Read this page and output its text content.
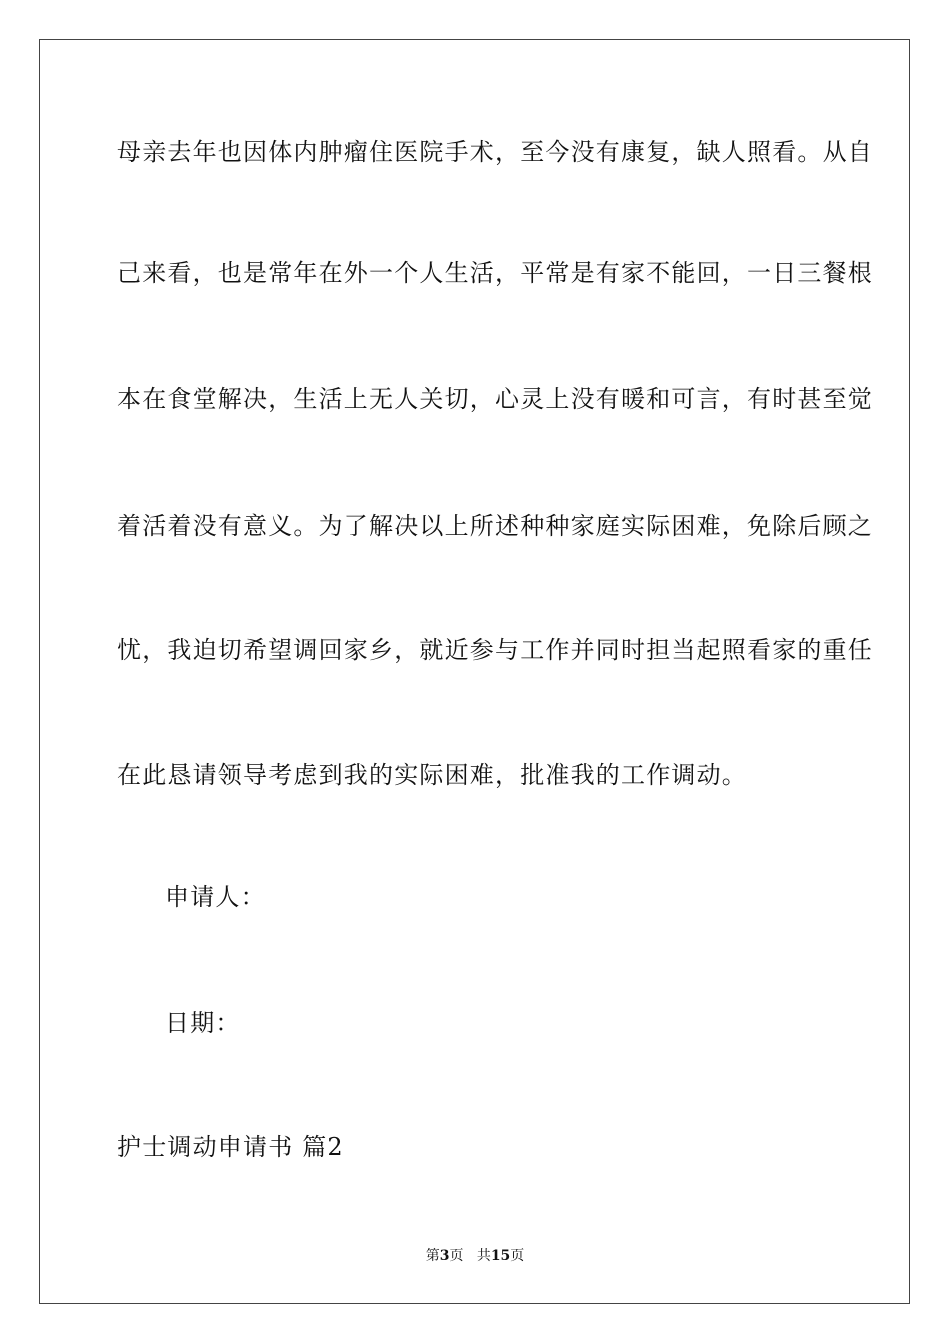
母亲去年也因体内肿瘤住医院手术，至今没有康复，缺人照看。从自
己来看，也是常年在外一个人生活，平常是有家不能回，一日三餐根
本在食堂解决，生活上无人关切，心灵上没有暖和可言，有时甚至觉
着活着没有意义。为了解决以上所述种种家庭实际困难，免除后顾之
忧，我迫切希望调回家乡，就近参与工作并同时担当起照看家的重任
在此恳请领导考虑到我的实际困难，批准我的工作调动。
申请人：
日期：
护士调动申请书 篇2
第3页 共15页
